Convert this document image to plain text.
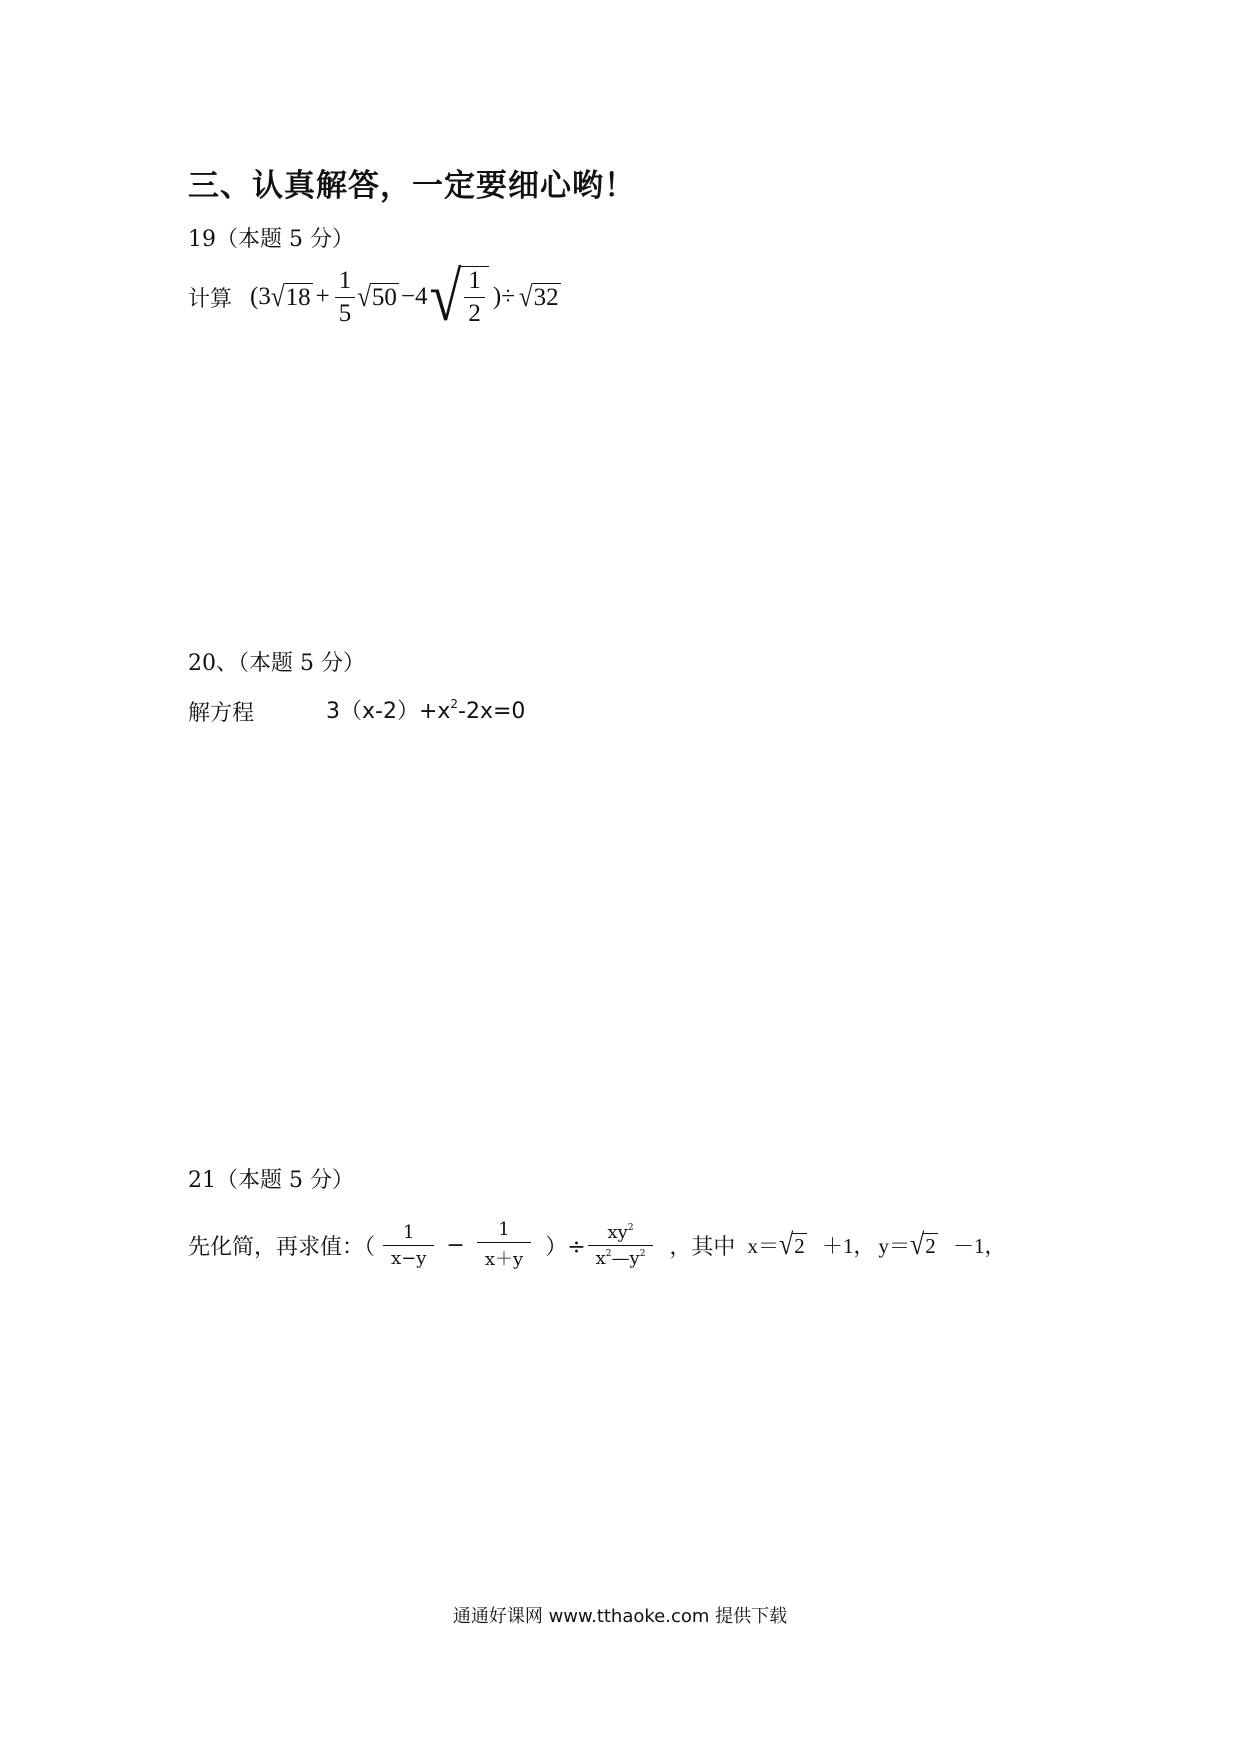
三、认真解答，一定要细心哟！
19（本题 5 分）
计算 (3 $√18 + \frac{1}{5} √50 -4$ √ $\frac{1}{2}$ )÷ √32
20、（本题 5 分）
解方程	$3(x-2)+x^2-2x=0$
21（本题 5 分）
先化简，再求值：（ $\frac{1}{x-y} - \frac{1}{x+y}$ ）÷ $\frac{xy^2}{x^2—y^2}$ ，其中 x＝√2 ＋1， y＝√2 －1，
通通好课网 www.tthaoke.com 提供下载
